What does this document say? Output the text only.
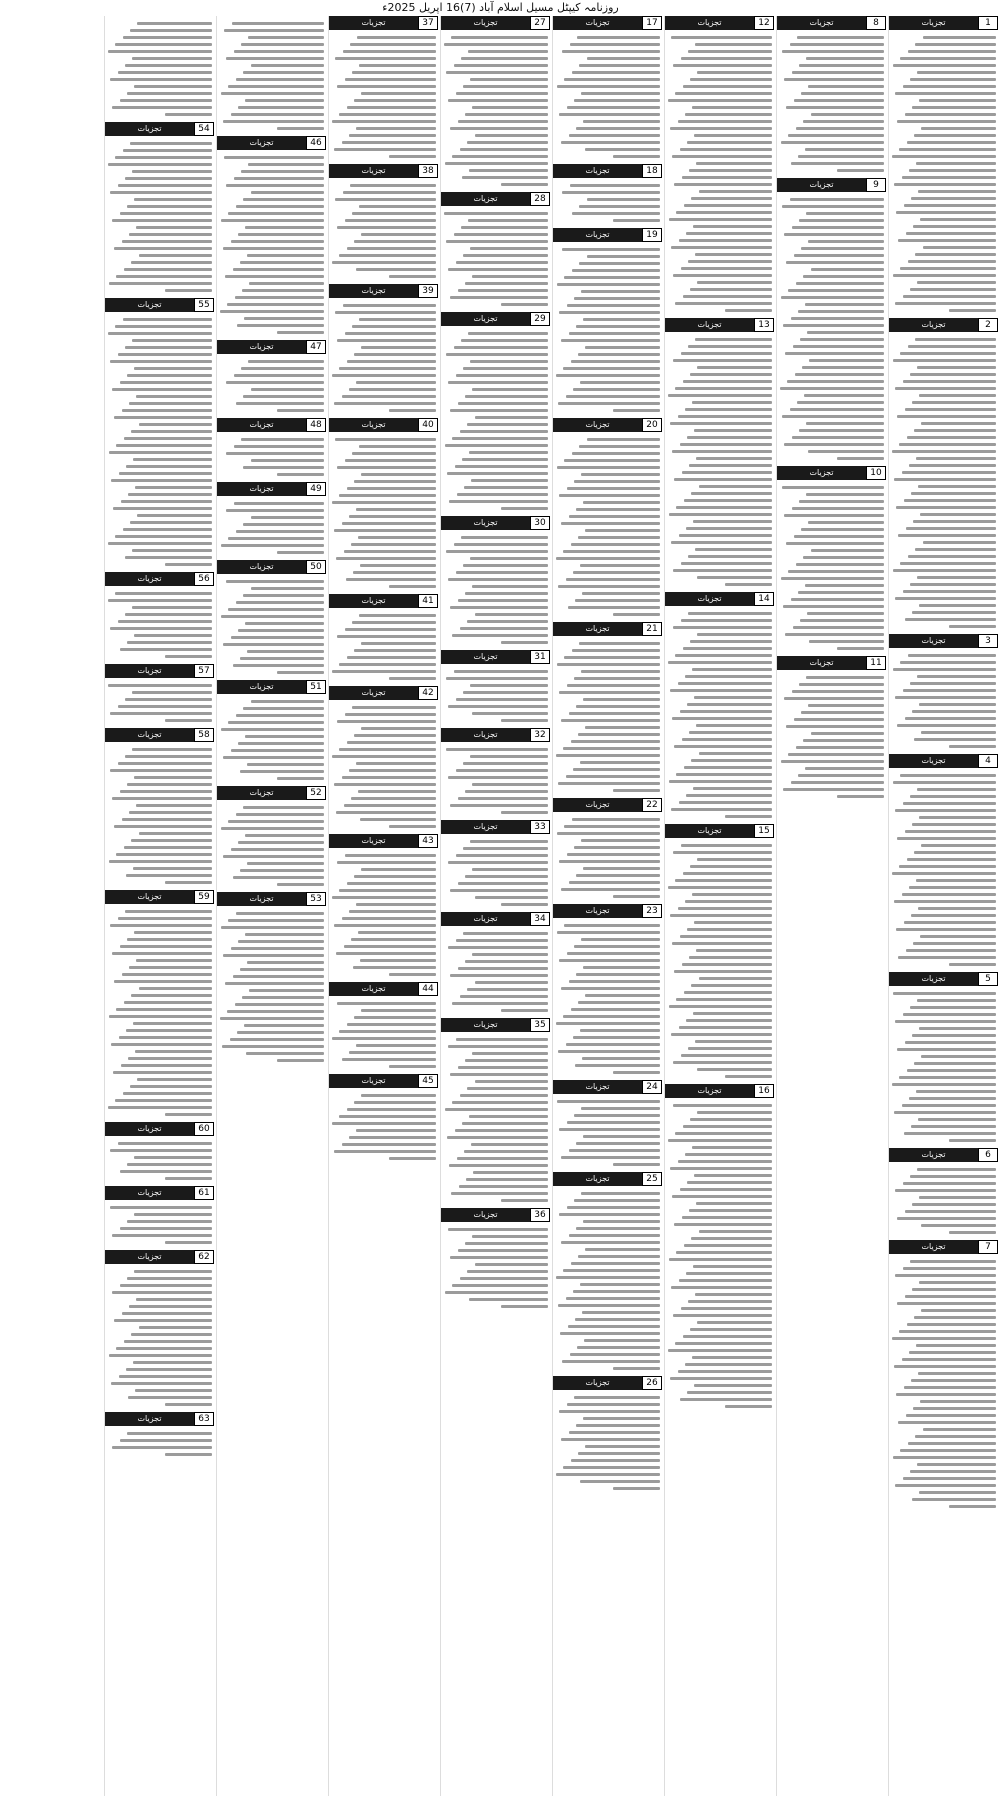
روزنامہ کیپٹل مسیل اسلام آباد (7)16 اپریل 2025ء
تجزیات	1
تجزیات	2
تجزیات	3
تجزیات	4
تجزیات	5
تجزیات	6
تجزیات	7
تجزیات	8
تجزیات	9
تجزیات	10
تجزیات	11
تجزیات	12
تجزیات	13
تجزیات	14
تجزیات	15
تجزیات	16
تجزیات	17
تجزیات	18
تجزیات	19
تجزیات	20
تجزیات	21
تجزیات	22
تجزیات	23
تجزیات	24
تجزیات	25
تجزیات	26
تجزیات	27
تجزیات	28
تجزیات	29
تجزیات	30
تجزیات	31
تجزیات	32
تجزیات	33
تجزیات	34
تجزیات	35
تجزیات	36
تجزیات	37
تجزیات	38
تجزیات	39
تجزیات	40
تجزیات	41
تجزیات	42
تجزیات	43
تجزیات	44
تجزیات	45
تجزیات	46
تجزیات	47
تجزیات	48
تجزیات	49
تجزیات	50
تجزیات	51
تجزیات	52
تجزیات	53
تجزیات	54
تجزیات	55
تجزیات	56
تجزیات	57
تجزیات	58
تجزیات	59
تجزیات	60
تجزیات	61
تجزیات	62
تجزیات	63
